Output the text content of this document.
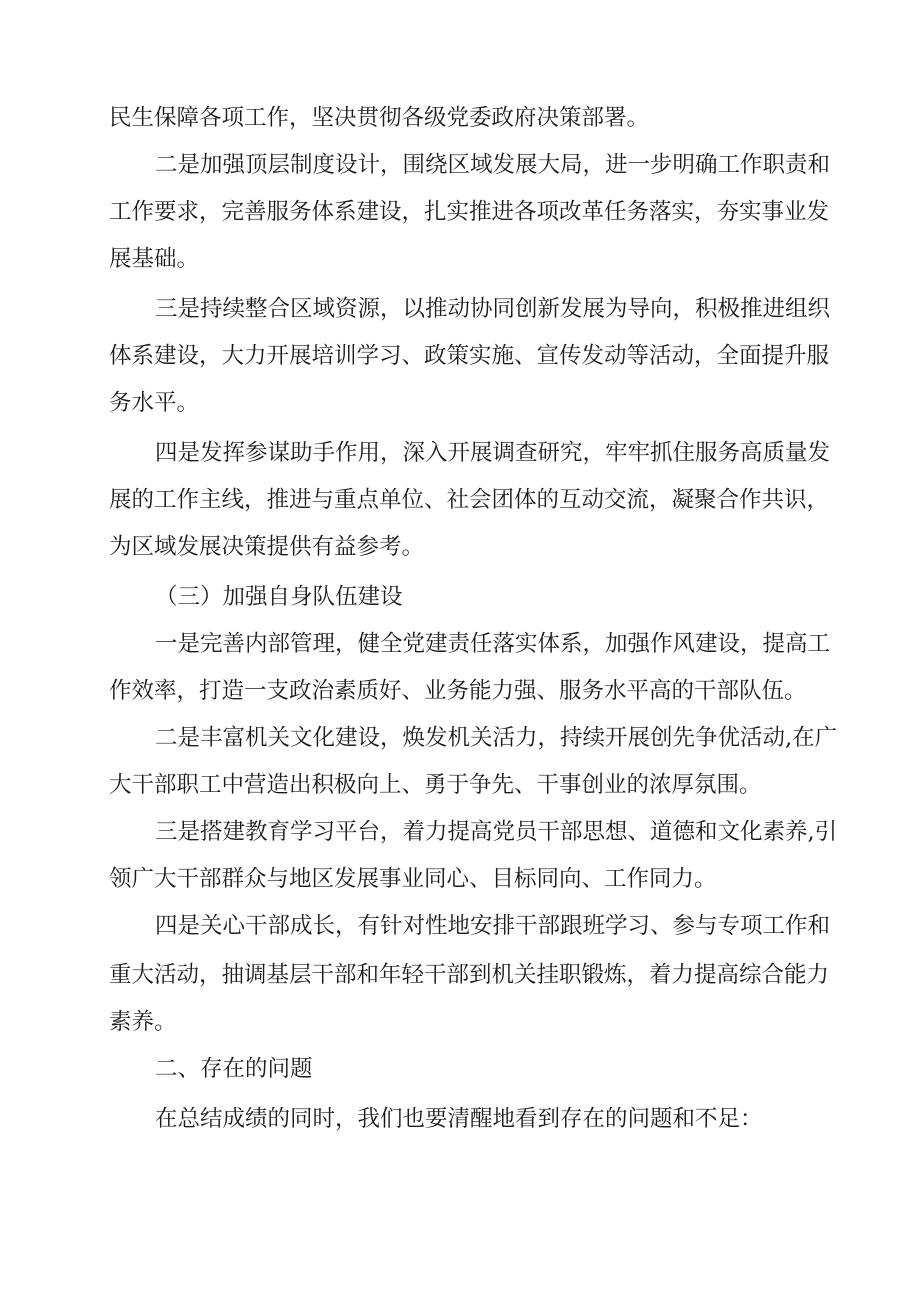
民生保障各项工作，坚决贯彻各级党委政府决策部署。

二是加强顶层制度设计，围绕区域发展大局，进一步明确工作职责和

工作要求，完善服务体系建设，扎实推进各项改革任务落实，夯实事业发

展基础。

三是持续整合区域资源，以推动协同创新发展为导向，积极推进组织

体系建设，大力开展培训学习、政策实施、宣传发动等活动，全面提升服

务水平。

四是发挥参谋助手作用，深入开展调查研究，牢牢抓住服务高质量发

展的工作主线，推进与重点单位、社会团体的互动交流，凝聚合作共识，

为区域发展决策提供有益参考。

（三）加强自身队伍建设

一是完善内部管理，健全党建责任落实体系，加强作风建设，提高工

作效率，打造一支政治素质好、业务能力强、服务水平高的干部队伍。

二是丰富机关文化建设，焕发机关活力，持续开展创先争优活动,在广

大干部职工中营造出积极向上、勇于争先、干事创业的浓厚氛围。

三是搭建教育学习平台，着力提高党员干部思想、道德和文化素养,引

领广大干部群众与地区发展事业同心、目标同向、工作同力。

四是关心干部成长，有针对性地安排干部跟班学习、参与专项工作和

重大活动，抽调基层干部和年轻干部到机关挂职锻炼，着力提高综合能力

素养。

二、存在的问题

在总结成绩的同时，我们也要清醒地看到存在的问题和不足：
